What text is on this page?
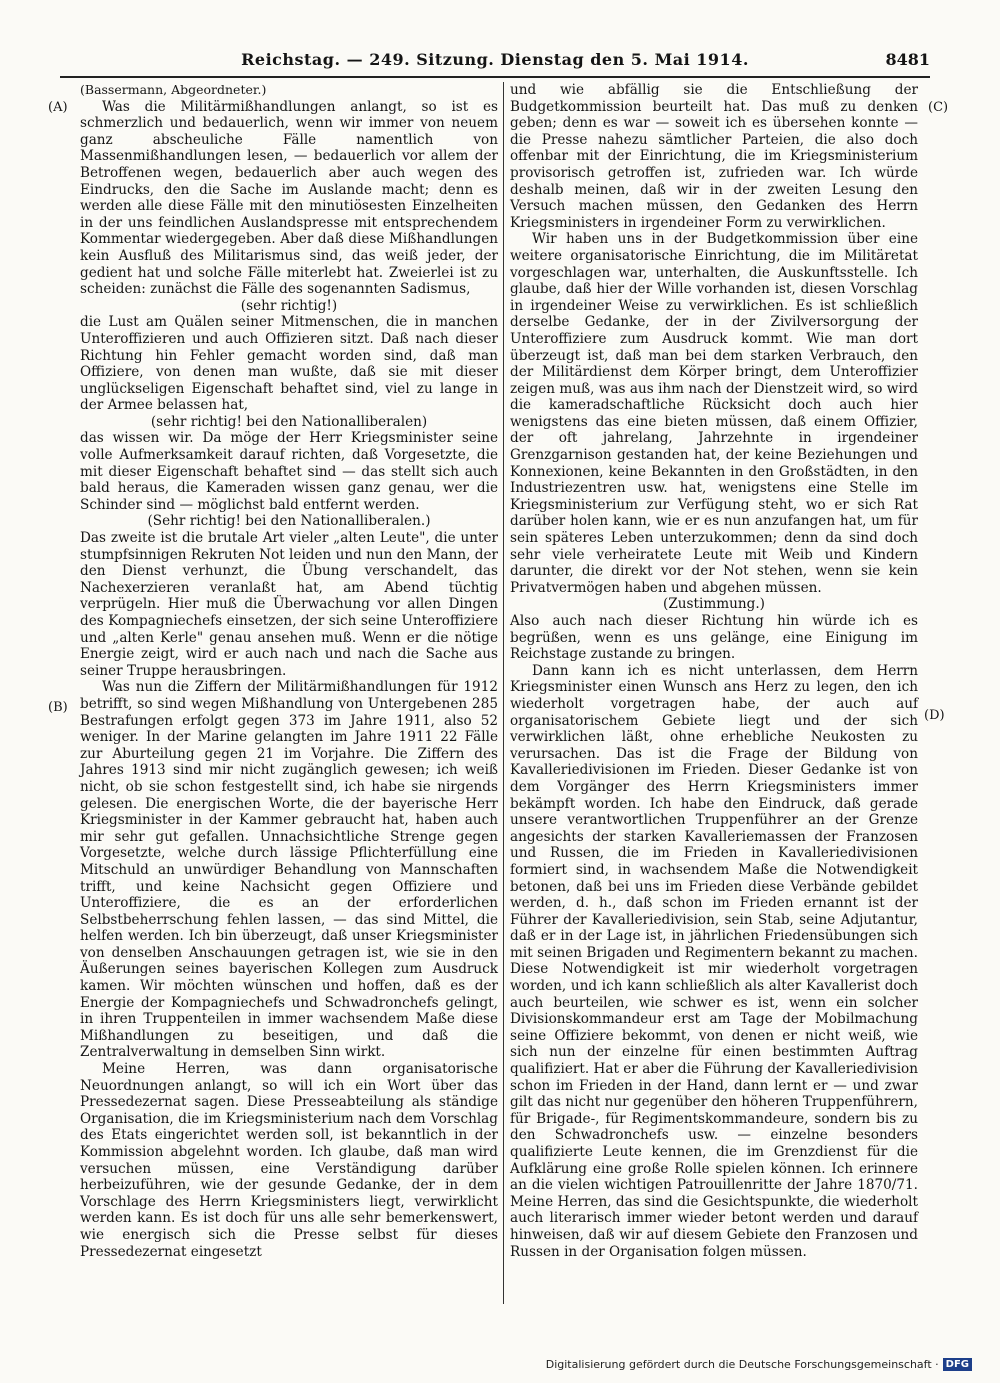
Reichstag. — 249. Sitzung. Dienstag den 5. Mai 1914.	8481
(A)
(B)
(C)
(D)

(Bassermann, Abgeordneter.)

Was die Militärmißhandlungen anlangt, so ist es schmerzlich und bedauerlich, wenn wir immer von neuem ganz abscheuliche Fälle namentlich von Massenmißhandlungen lesen, — bedauerlich vor allem der Betroffenen wegen, bedauerlich aber auch wegen des Eindrucks, den die Sache im Auslande macht; denn es werden alle diese Fälle mit den minutiösesten Einzelheiten in der uns feindlichen Auslandspresse mit entsprechendem Kommentar wiedergegeben. Aber daß diese Mißhandlungen kein Ausfluß des Militarismus sind, das weiß jeder, der gedient hat und solche Fälle miterlebt hat. Zweierlei ist zu scheiden: zunächst die Fälle des sogenannten Sadismus,

(sehr richtig!)

die Lust am Quälen seiner Mitmenschen, die in manchen Unteroffizieren und auch Offizieren sitzt. Daß nach dieser Richtung hin Fehler gemacht worden sind, daß man Offiziere, von denen man wußte, daß sie mit dieser unglückseligen Eigenschaft behaftet sind, viel zu lange in der Armee belassen hat,

(sehr richtig! bei den Nationalliberalen)

das wissen wir. Da möge der Herr Kriegsminister seine volle Aufmerksamkeit darauf richten, daß Vorgesetzte, die mit dieser Eigenschaft behaftet sind — das stellt sich auch bald heraus, die Kameraden wissen ganz genau, wer die Schinder sind — möglichst bald entfernt werden.

(Sehr richtig! bei den Nationalliberalen.)

Das zweite ist die brutale Art vieler „alten Leute", die unter stumpfsinnigen Rekruten Not leiden und nun den Mann, der den Dienst verhunzt, die Übung verschandelt, das Nachexerzieren veranlaßt hat, am Abend tüchtig verprügeln. Hier muß die Überwachung vor allen Dingen des Kompagniechefs einsetzen, der sich seine Unteroffiziere und „alten Kerle" genau ansehen muß. Wenn er die nötige Energie zeigt, wird er auch nach und nach die Sache aus seiner Truppe herausbringen.

Was nun die Ziffern der Militärmißhandlungen für 1912 betrifft, so sind wegen Mißhandlung von Untergebenen 285 Bestrafungen erfolgt gegen 373 im Jahre 1911, also 52 weniger. In der Marine gelangten im Jahre 1911 22 Fälle zur Aburteilung gegen 21 im Vorjahre. Die Ziffern des Jahres 1913 sind mir nicht zugänglich gewesen; ich weiß nicht, ob sie schon festgestellt sind, ich habe sie nirgends gelesen. Die energischen Worte, die der bayerische Herr Kriegsminister in der Kammer gebraucht hat, haben auch mir sehr gut gefallen. Unnachsichtliche Strenge gegen Vorgesetzte, welche durch lässige Pflichterfüllung eine Mitschuld an unwürdiger Behandlung von Mannschaften trifft, und keine Nachsicht gegen Offiziere und Unteroffiziere, die es an der erforderlichen Selbstbeherrschung fehlen lassen, — das sind Mittel, die helfen werden. Ich bin überzeugt, daß unser Kriegsminister von denselben Anschauungen getragen ist, wie sie in den Äußerungen seines bayerischen Kollegen zum Ausdruck kamen. Wir möchten wünschen und hoffen, daß es der Energie der Kompagniechefs und Schwadronchefs gelingt, in ihren Truppenteilen in immer wachsendem Maße diese Mißhandlungen zu beseitigen, und daß die Zentralverwaltung in demselben Sinn wirkt.

Meine Herren, was dann organisatorische Neuordnungen anlangt, so will ich ein Wort über das Pressedezernat sagen. Diese Presseabteilung als ständige Organisation, die im Kriegsministerium nach dem Vorschlag des Etats eingerichtet werden soll, ist bekanntlich in der Kommission abgelehnt worden. Ich glaube, daß man wird versuchen müssen, eine Verständigung darüber herbeizuführen, wie der gesunde Gedanke, der in dem Vorschlage des Herrn Kriegsministers liegt, verwirklicht werden kann. Es ist doch für uns alle sehr bemerkenswert, wie energisch sich die Presse selbst für dieses Pressedezernat eingesetzt

und wie abfällig sie die Entschließung der Budgetkommission beurteilt hat. Das muß zu denken geben; denn es war — soweit ich es übersehen konnte — die Presse nahezu sämtlicher Parteien, die also doch offenbar mit der Einrichtung, die im Kriegsministerium provisorisch getroffen ist, zufrieden war. Ich würde deshalb meinen, daß wir in der zweiten Lesung den Versuch machen müssen, den Gedanken des Herrn Kriegsministers in irgendeiner Form zu verwirklichen.

Wir haben uns in der Budgetkommission über eine weitere organisatorische Einrichtung, die im Militäretat vorgeschlagen war, unterhalten, die Auskunftsstelle. Ich glaube, daß hier der Wille vorhanden ist, diesen Vorschlag in irgendeiner Weise zu verwirklichen. Es ist schließlich derselbe Gedanke, der in der Zivilversorgung der Unteroffiziere zum Ausdruck kommt. Wie man dort überzeugt ist, daß man bei dem starken Verbrauch, den der Militärdienst dem Körper bringt, dem Unteroffizier zeigen muß, was aus ihm nach der Dienstzeit wird, so wird die kameradschaftliche Rücksicht doch auch hier wenigstens das eine bieten müssen, daß einem Offizier, der oft jahrelang, Jahrzehnte in irgendeiner Grenzgarnison gestanden hat, der keine Beziehungen und Konnexionen, keine Bekannten in den Großstädten, in den Industriezentren usw. hat, wenigstens eine Stelle im Kriegsministerium zur Verfügung steht, wo er sich Rat darüber holen kann, wie er es nun anzufangen hat, um für sein späteres Leben unterzukommen; denn da sind doch sehr viele verheiratete Leute mit Weib und Kindern darunter, die direkt vor der Not stehen, wenn sie kein Privatvermögen haben und abgehen müssen.

(Zustimmung.)

Also auch nach dieser Richtung hin würde ich es begrüßen, wenn es uns gelänge, eine Einigung im Reichstage zustande zu bringen.

Dann kann ich es nicht unterlassen, dem Herrn Kriegsminister einen Wunsch ans Herz zu legen, den ich wiederholt vorgetragen habe, der auch auf organisatorischem Gebiete liegt und der sich verwirklichen läßt, ohne erhebliche Neukosten zu verursachen. Das ist die Frage der Bildung von Kavalleriedivisionen im Frieden. Dieser Gedanke ist von dem Vorgänger des Herrn Kriegsministers immer bekämpft worden. Ich habe den Eindruck, daß gerade unsere verantwortlichen Truppenführer an der Grenze angesichts der starken Kavalleriemassen der Franzosen und Russen, die im Frieden in Kavalleriedivisionen formiert sind, in wachsendem Maße die Notwendigkeit betonen, daß bei uns im Frieden diese Verbände gebildet werden, d. h., daß schon im Frieden ernannt ist der Führer der Kavalleriedivision, sein Stab, seine Adjutantur, daß er in der Lage ist, in jährlichen Friedensübungen sich mit seinen Brigaden und Regimentern bekannt zu machen. Diese Notwendigkeit ist mir wiederholt vorgetragen worden, und ich kann schließlich als alter Kavallerist doch auch beurteilen, wie schwer es ist, wenn ein solcher Divisionskommandeur erst am Tage der Mobilmachung seine Offiziere bekommt, von denen er nicht weiß, wie sich nun der einzelne für einen bestimmten Auftrag qualifiziert. Hat er aber die Führung der Kavalleriedivision schon im Frieden in der Hand, dann lernt er — und zwar gilt das nicht nur gegenüber den höheren Truppenführern, für Brigade-, für Regimentskommandeure, sondern bis zu den Schwadronchefs usw. — einzelne besonders qualifizierte Leute kennen, die im Grenzdienst für die Aufklärung eine große Rolle spielen können. Ich erinnere an die vielen wichtigen Patrouillenritte der Jahre 1870/71. Meine Herren, das sind die Gesichtspunkte, die wiederholt auch literarisch immer wieder betont werden und darauf hinweisen, daß wir auf diesem Gebiete den Franzosen und Russen in der Organisation folgen müssen.

Digitalisierung gefördert durch die Deutsche Forschungsgemeinschaft · DFG
